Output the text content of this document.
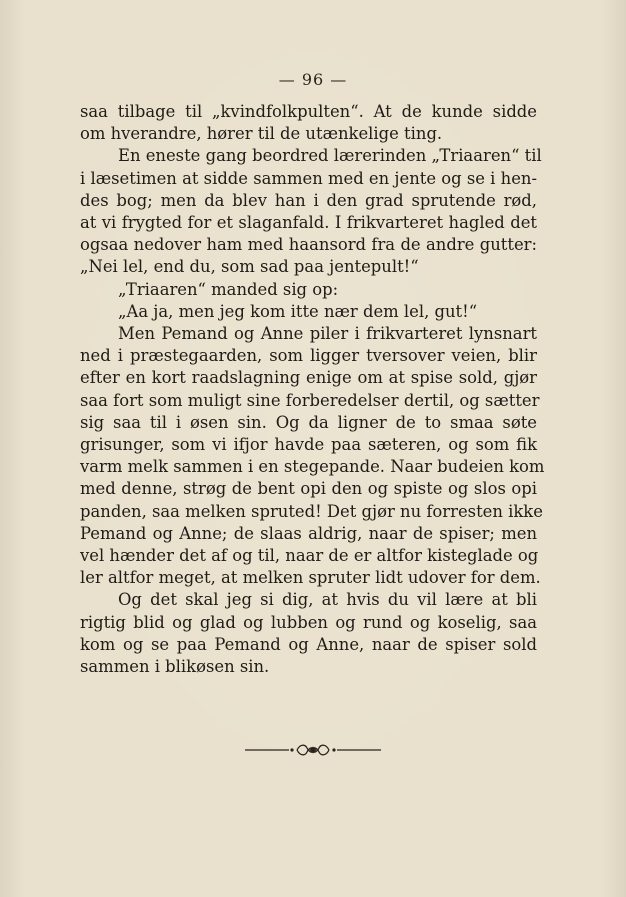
— 96 —

saa tilbage til „kvindfolkpulten“. At de kunde sidde
om hverandre, hører til de utænkelige ting.

En eneste gang beordred lærerinden „Triaaren“ til
i læsetimen at sidde sammen med en jente og se i hen-
des bog; men da blev han i den grad sprutende rød,
at vi frygted for et slaganfald. I frikvarteret hagled det
ogsaa nedover ham med haansord fra de andre gutter:
„Nei lel, end du, som sad paa jentepult!“

„Triaaren“ manded sig op:

„Aa ja, men jeg kom itte nær dem lel, gut!“

Men Pemand og Anne piler i frikvarteret lynsnart
ned i præstegaarden, som ligger tversover veien, blir
efter en kort raadslagning enige om at spise sold, gjør
saa fort som muligt sine forberedelser dertil, og sætter
sig saa til i øsen sin. Og da ligner de to smaa søte
grisunger, som vi ifjor havde paa sæteren, og som fik
varm melk sammen i en stegepande. Naar budeien kom
med denne, strøg de bent opi den og spiste og slos opi
panden, saa melken spruted! Det gjør nu forresten ikke
Pemand og Anne; de slaas aldrig, naar de spiser; men
vel hænder det af og til, naar de er altfor kisteglade og
ler altfor meget, at melken spruter lidt udover for dem.

Og det skal jeg si dig, at hvis du vil lære at bli
rigtig blid og glad og lubben og rund og koselig, saa
kom og se paa Pemand og Anne, naar de spiser sold
sammen i blikøsen sin.
